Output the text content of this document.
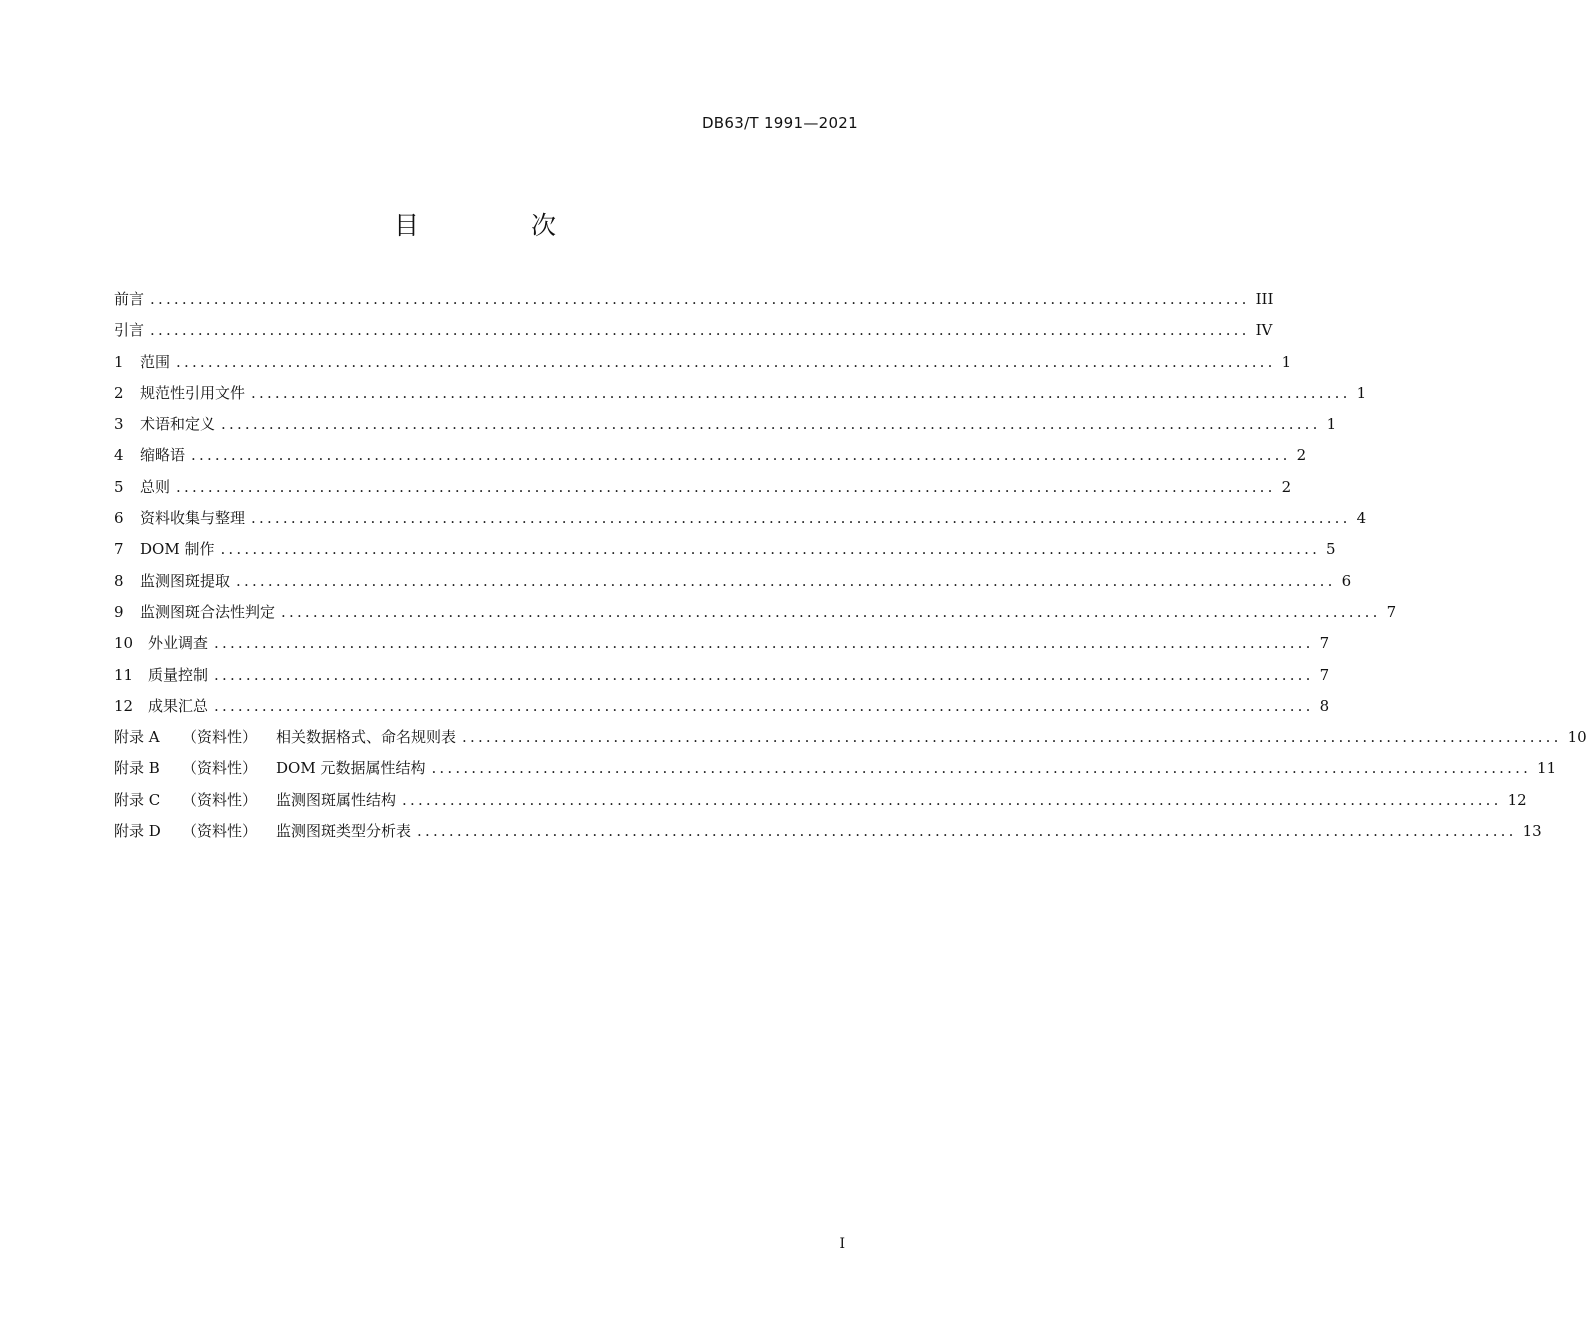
DB63/T 1991—2021
目 次
前言 .......................................................................................................................................... III
引言 .......................................................................................................................................... IV
1 范围 .......................................................................................................................................... 1
2 规范性引用文件 .......................................................................................................................................... 1
3 术语和定义 .......................................................................................................................................... 1
4 缩略语 .......................................................................................................................................... 2
5 总则 .......................................................................................................................................... 2
6 资料收集与整理 .......................................................................................................................................... 4
7 DOM 制作 .......................................................................................................................................... 5
8 监测图斑提取 .......................................................................................................................................... 6
9 监测图斑合法性判定 .......................................................................................................................................... 7
10 外业调查 .......................................................................................................................................... 7
11 质量控制 .......................................................................................................................................... 7
12 成果汇总 .......................................................................................................................................... 8
附录 A （资料性） 相关数据格式、命名规则表 .......................................................................................................................................... 10
附录 B （资料性） DOM 元数据属性结构 .......................................................................................................................................... 11
附录 C （资料性） 监测图斑属性结构 .......................................................................................................................................... 12
附录 D （资料性） 监测图斑类型分析表 .......................................................................................................................................... 13
I
